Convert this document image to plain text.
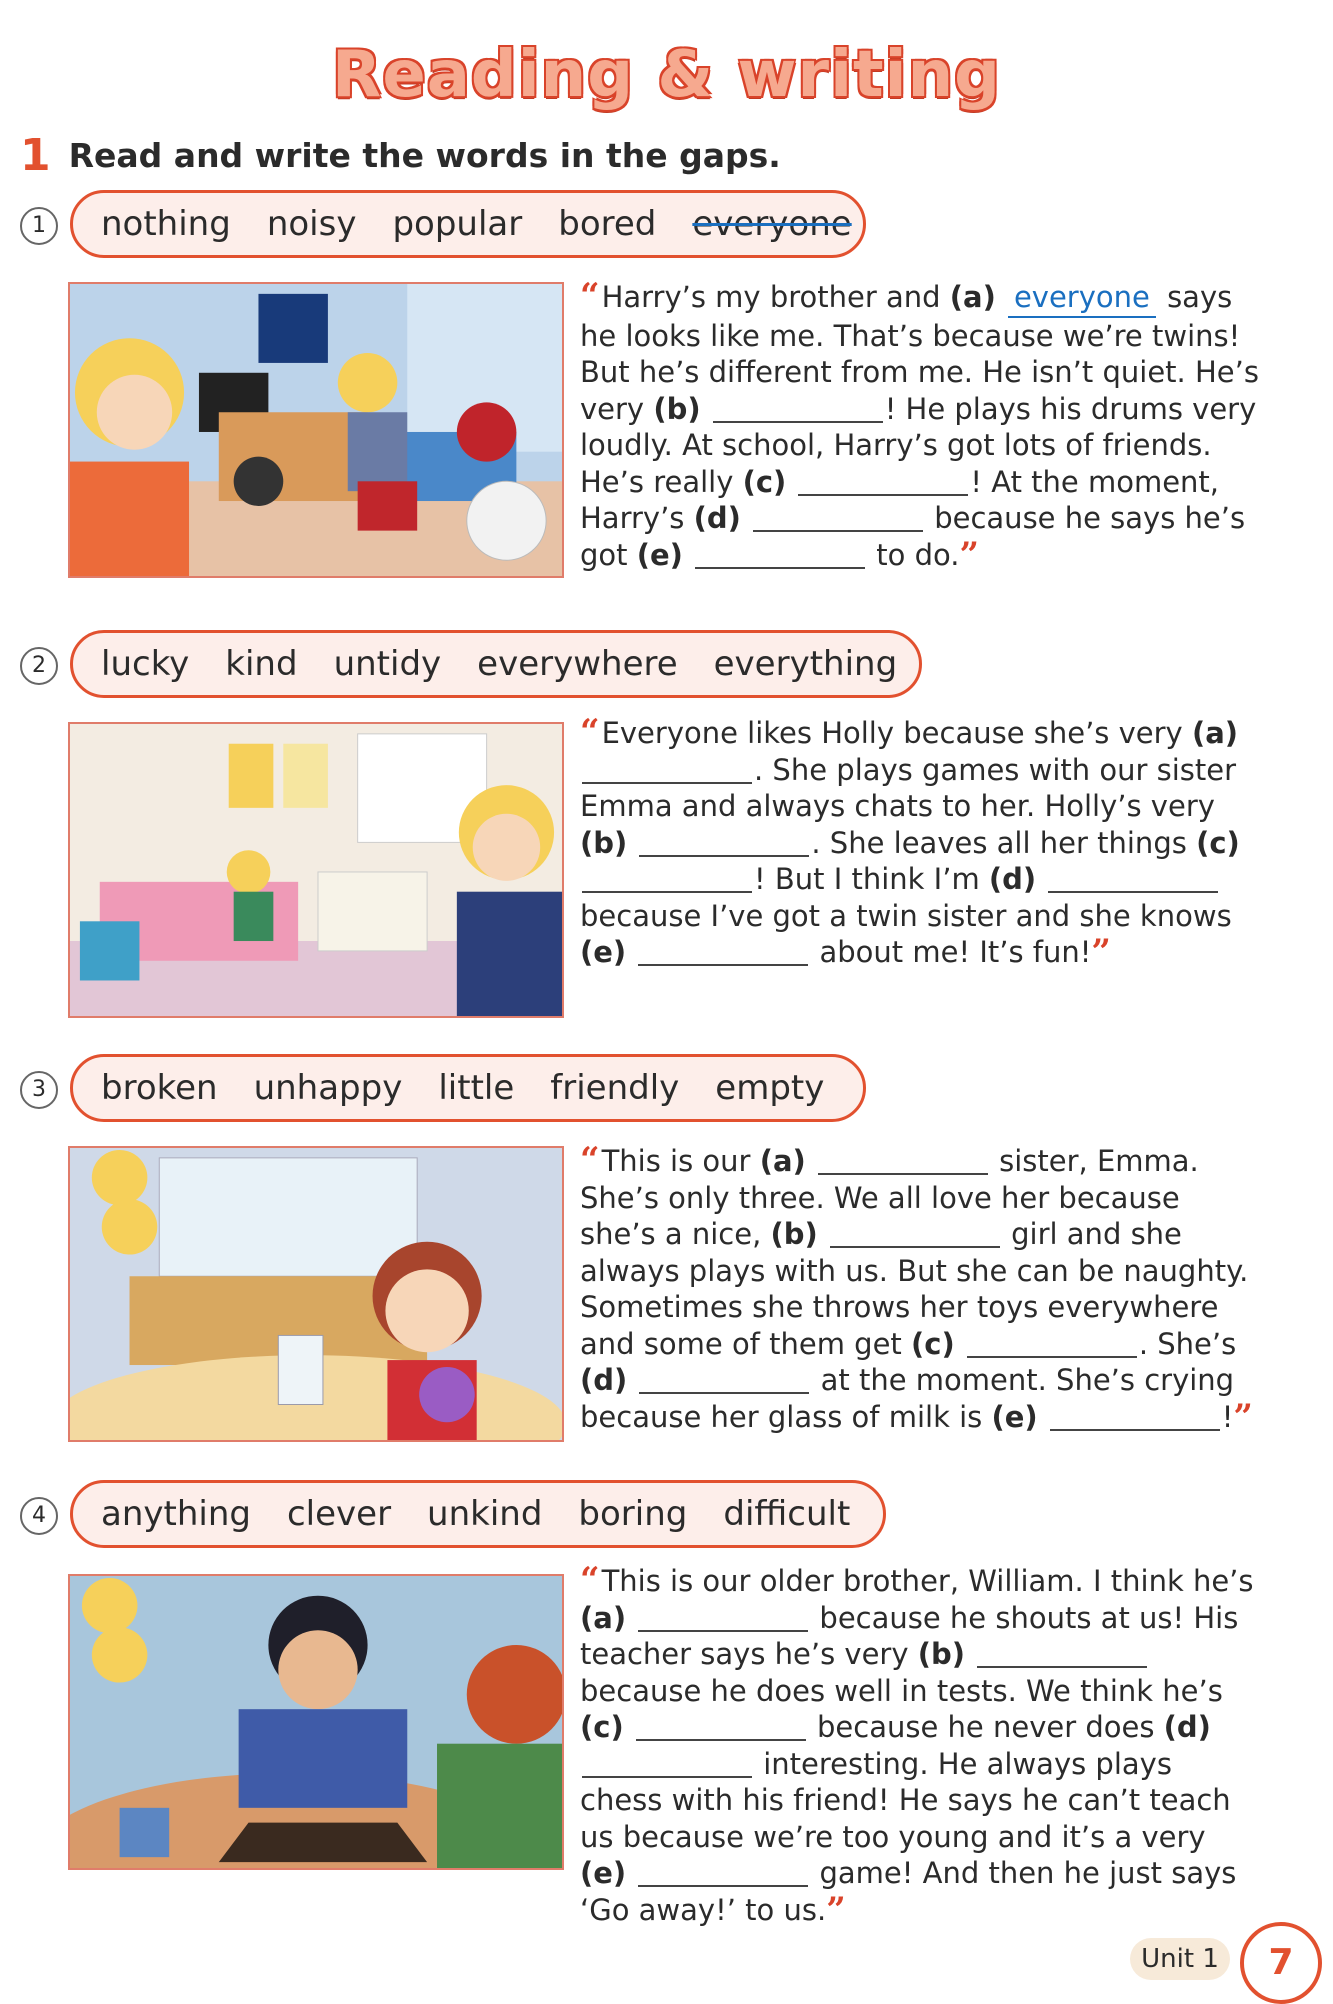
Reading & writing
1 Read and write the words in the gaps.
1	nothing noisy popular bored everyone
“Harry’s my brother and (a) everyone says he looks like me. That’s because we’re twins! But he’s different from me. He isn’t quiet. He’s very (b)	! He plays his drums very loudly. At school, Harry’s got lots of friends. He’s really (c)	! At the moment, Harry’s (d)	because he says he’s got (e)	to do.”
2	lucky kind untidy everywhere everything
“Everyone likes Holly because she’s very (a) . She plays games with our sister Emma and always chats to her. Holly’s very (b)	. She leaves all her things (c) ! But I think I’m (d)  because I’ve got a twin sister and she knows (e)	about me! It’s fun!”
3	broken unhappy little friendly empty
“This is our (a)	sister, Emma. She’s only three. We all love her because she’s a nice, (b)	girl and she always plays with us. But she can be naughty. Sometimes she throws her toys everywhere and some of them get (c)	. She’s (d)	at the moment. She’s crying because her glass of milk is (e)	!”
4	anything clever unkind boring difficult
“This is our older brother, William. I think he’s (a)	because he shouts at us! His teacher says he’s very (b)  because he does well in tests. We think he’s (c)	because he never does (d)  interesting. He always plays chess with his friend! He says he can’t teach us because we’re too young and it’s a very (e)	game! And then he just says ‘Go away!’ to us.”
Unit 1	7
